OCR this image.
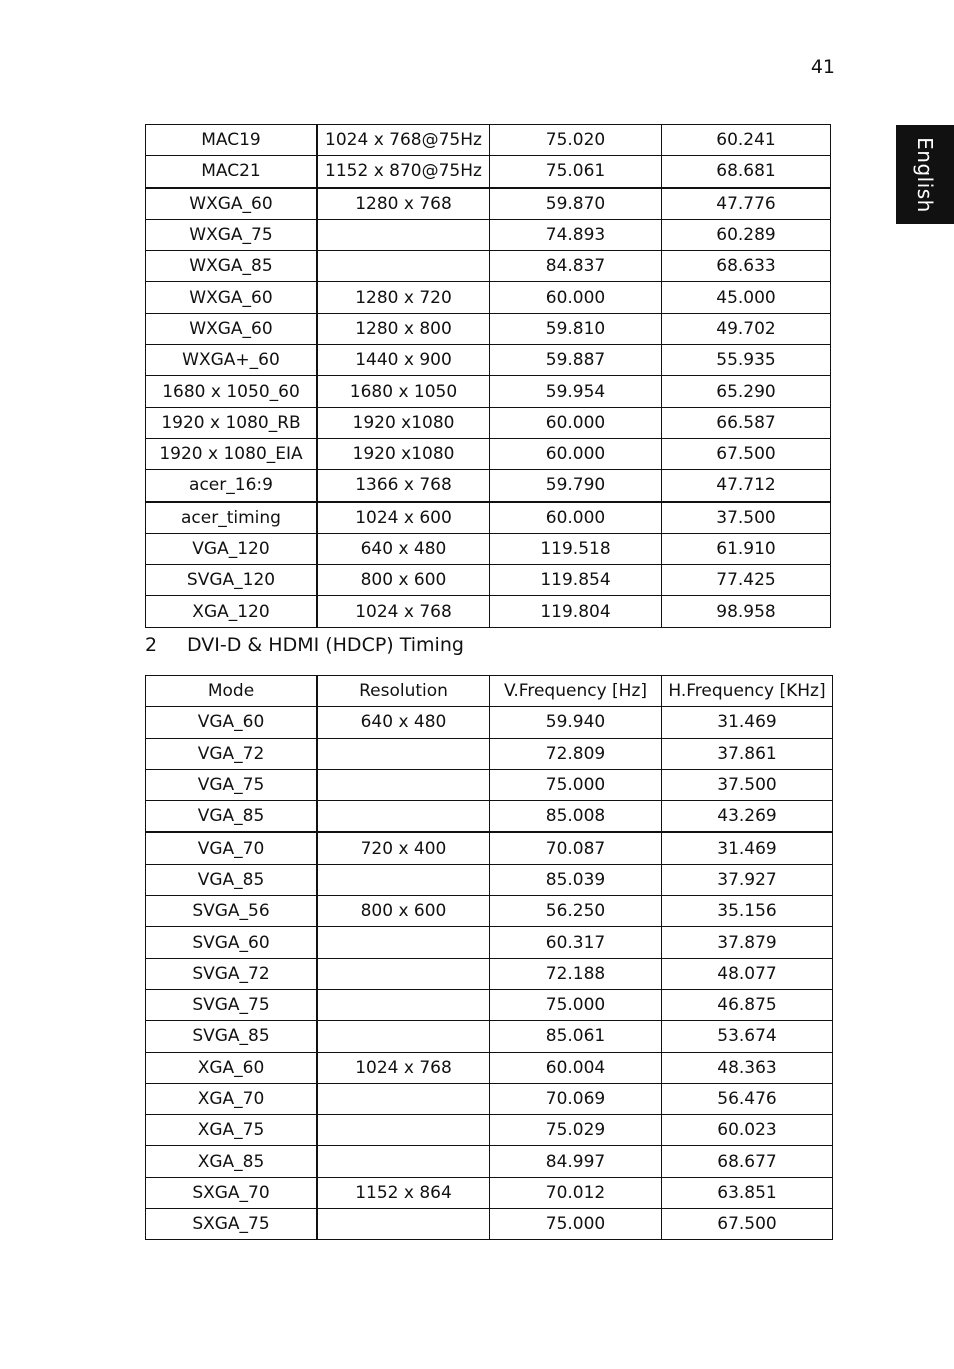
41
English
MAC19	1024 x 768@75Hz	75.020	60.241
MAC21	1152 x 870@75Hz	75.061	68.681
WXGA_60	1280 x 768	59.870	47.776
WXGA_75		74.893	60.289
WXGA_85		84.837	68.633
WXGA_60	1280 x 720	60.000	45.000
WXGA_60	1280 x 800	59.810	49.702
WXGA+_60	1440 x 900	59.887	55.935
1680 x 1050_60	1680 x 1050	59.954	65.290
1920 x 1080_RB	1920 x1080	60.000	66.587
1920 x 1080_EIA	1920 x1080	60.000	67.500
acer_16:9	1366 x 768	59.790	47.712
acer_timing	1024 x 600	60.000	37.500
VGA_120	640 x 480	119.518	61.910
SVGA_120	800 x 600	119.854	77.425
XGA_120	1024 x 768	119.804	98.958
2	DVI-D & HDMI (HDCP) Timing
Mode	Resolution	V.Frequency [Hz]	H.Frequency [KHz]
VGA_60	640 x 480	59.940	31.469
VGA_72		72.809	37.861
VGA_75		75.000	37.500
VGA_85		85.008	43.269
VGA_70	720 x 400	70.087	31.469
VGA_85		85.039	37.927
SVGA_56	800 x 600	56.250	35.156
SVGA_60		60.317	37.879
SVGA_72		72.188	48.077
SVGA_75		75.000	46.875
SVGA_85		85.061	53.674
XGA_60	1024 x 768	60.004	48.363
XGA_70		70.069	56.476
XGA_75		75.029	60.023
XGA_85		84.997	68.677
SXGA_70	1152 x 864	70.012	63.851
SXGA_75		75.000	67.500
